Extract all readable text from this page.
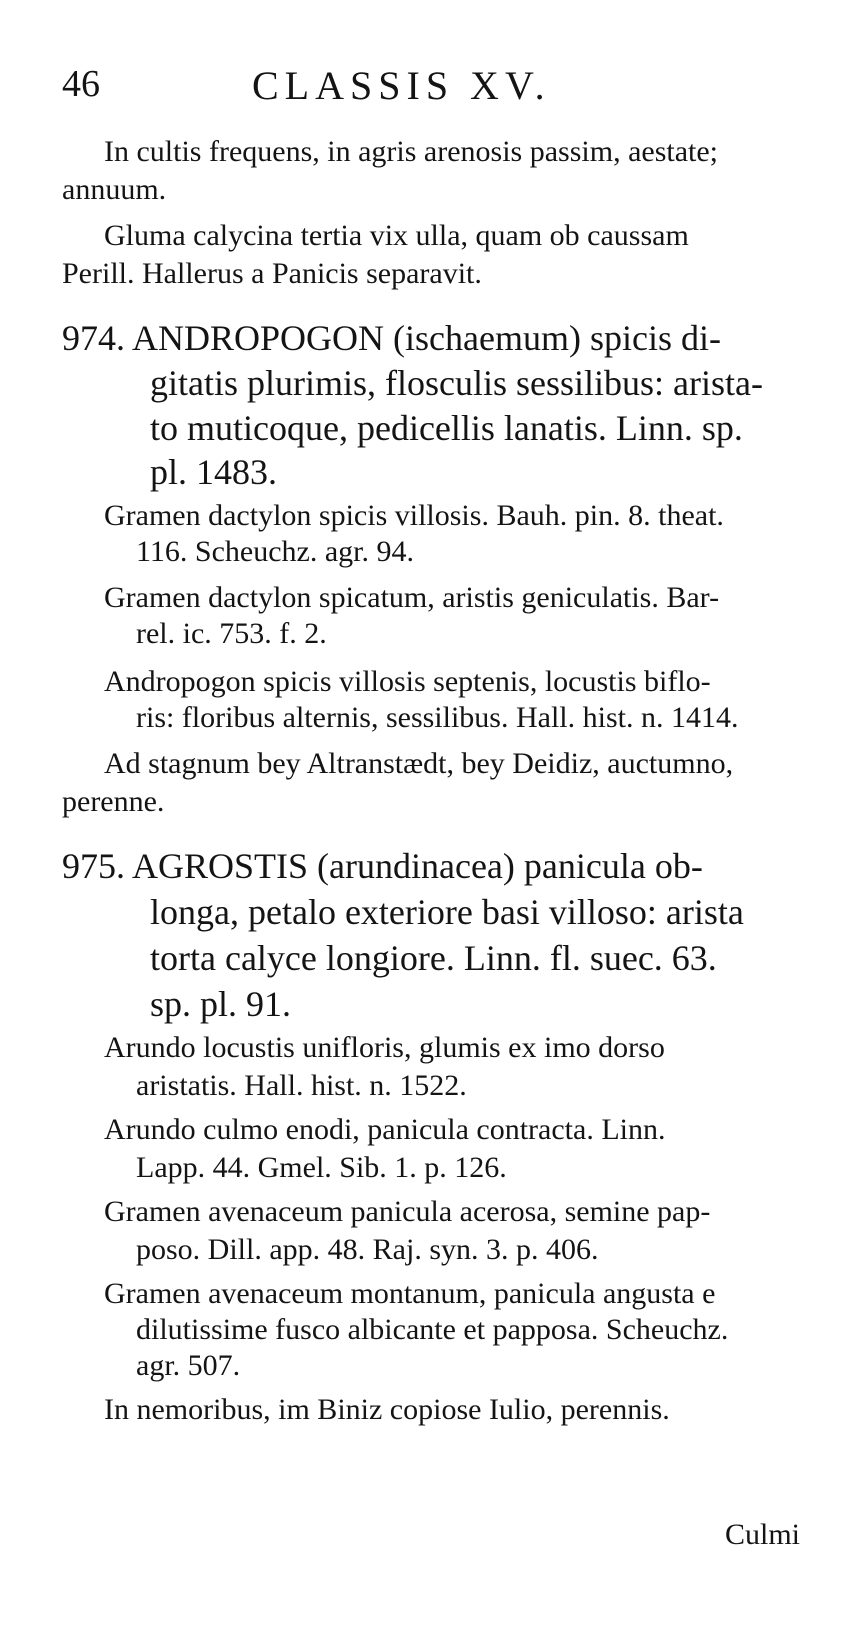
46	CLASSIS XV.
In cultis frequens, in agris arenosis passim, aestate;
annuum.
Gluma calycina tertia vix ulla, quam ob caussam
Perill. Hallerus a Panicis separavit.
974. ANDROPOGON (ischaemum) spicis di-
gitatis plurimis, flosculis sessilibus: arista-
to muticoque, pedicellis lanatis. Linn. sp.
pl. 1483.
Gramen dactylon spicis villosis. Bauh. pin. 8. theat.
116. Scheuchz. agr. 94.
Gramen dactylon spicatum, aristis geniculatis. Bar-
rel. ic. 753. f. 2.
Andropogon spicis villosis septenis, locustis biflo-
ris: floribus alternis, sessilibus. Hall. hist. n. 1414.
Ad stagnum bey Altranstædt, bey Deidiz, auctumno,
perenne.
975. AGROSTIS (arundinacea) panicula ob-
longa, petalo exteriore basi villoso: arista
torta calyce longiore. Linn. fl. suec. 63.
sp. pl. 91.
Arundo locustis unifloris, glumis ex imo dorso
aristatis. Hall. hist. n. 1522.
Arundo culmo enodi, panicula contracta. Linn.
Lapp. 44. Gmel. Sib. 1. p. 126.
Gramen avenaceum panicula acerosa, semine pap-
poso. Dill. app. 48. Raj. syn. 3. p. 406.
Gramen avenaceum montanum, panicula angusta e
dilutissime fusco albicante et papposa. Scheuchz.
agr. 507.
In nemoribus, im Biniz copiose Iulio, perennis.
Culmi
